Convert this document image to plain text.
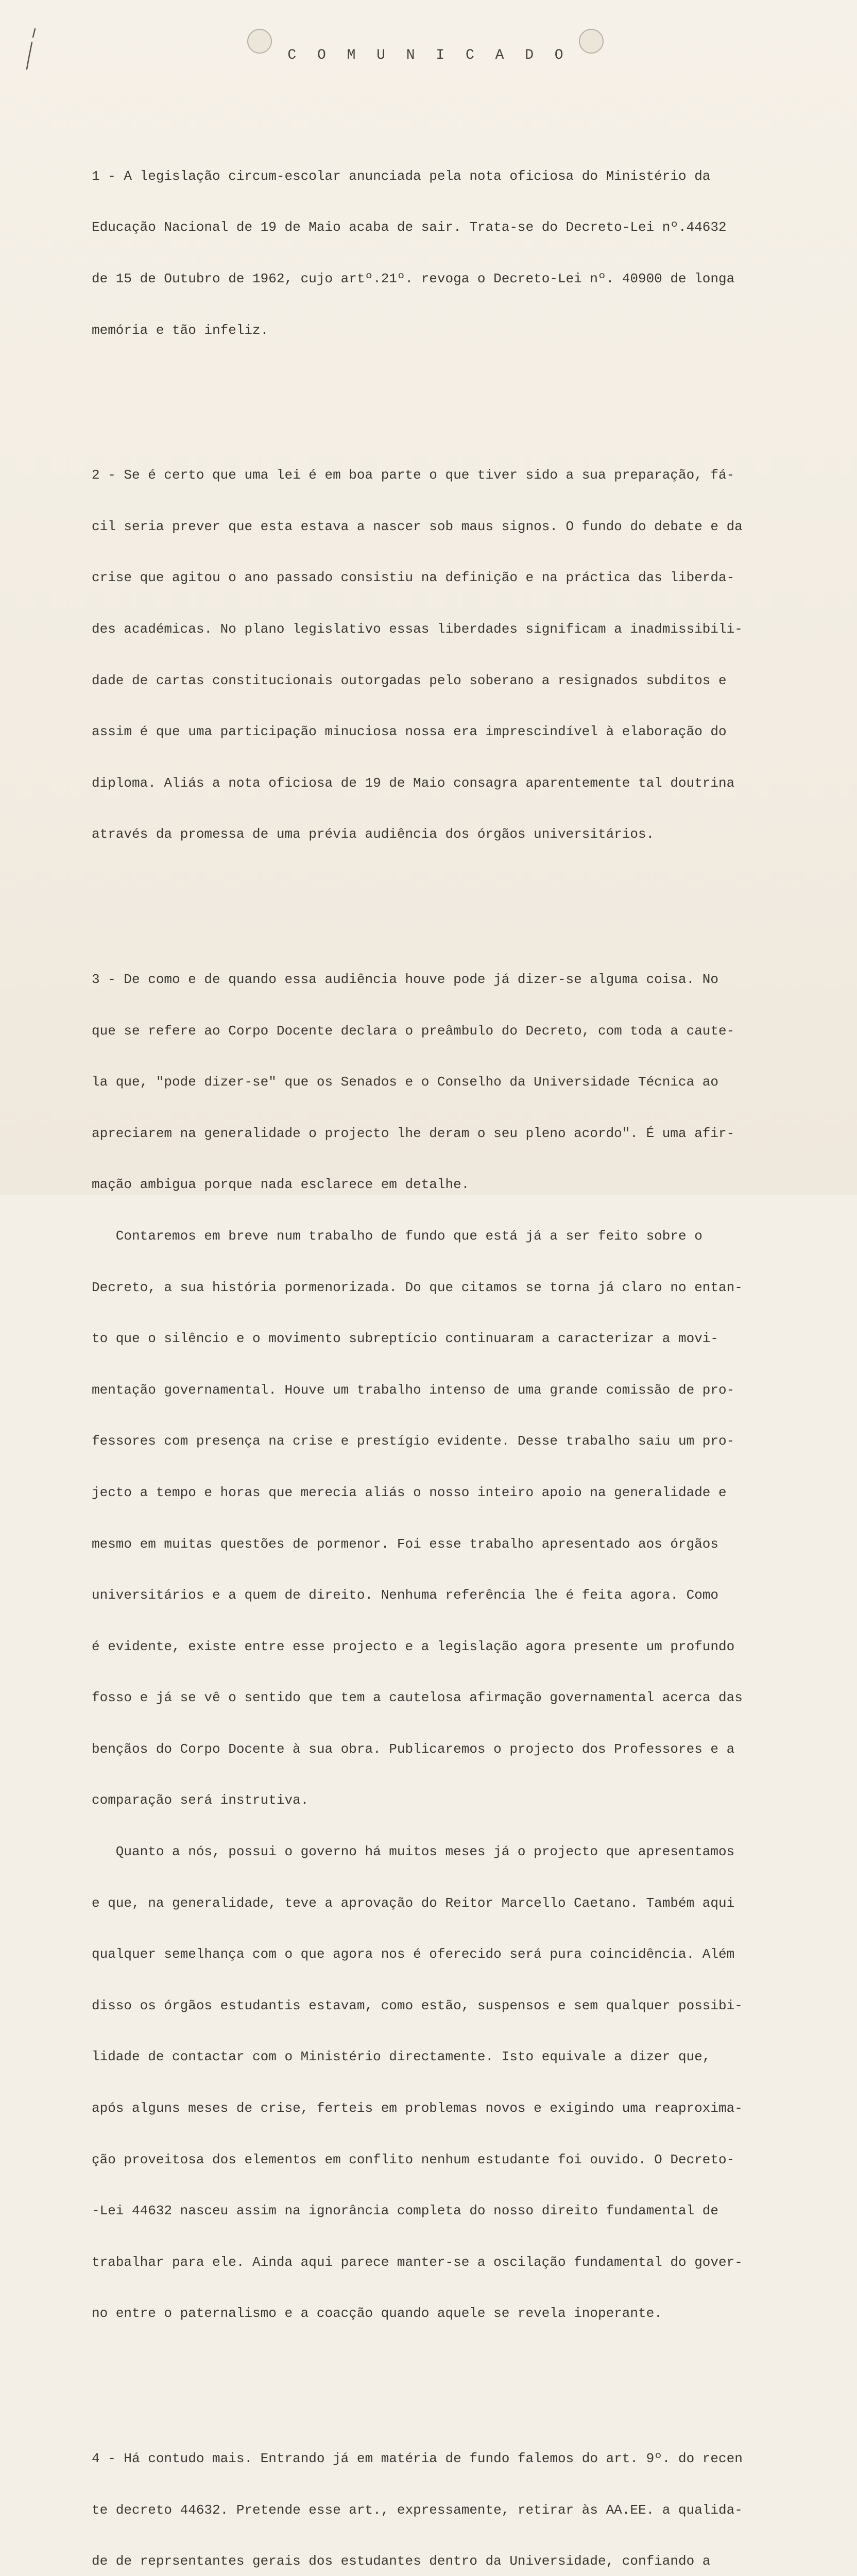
C O M U N I C A D O

1 - A legislação circum-escolar anunciada pela nota oficiosa do Ministério da

Educação Nacional de 19 de Maio acaba de sair. Trata-se do Decreto-Lei nº.44632

de 15 de Outubro de 1962, cujo artº.21º. revoga o Decreto-Lei nº. 40900 de longa

memória e tão infeliz.

2 - Se é certo que uma lei é em boa parte o que tiver sido a sua preparação, fá-

cil seria prever que esta estava a nascer sob maus signos. O fundo do debate e da

crise que agitou o ano passado consistiu na definição e na práctica das liberda-

des académicas. No plano legislativo essas liberdades significam a inadmissibili-

dade de cartas constitucionais outorgadas pelo soberano a resignados subditos e

assim é que uma participação minuciosa nossa era imprescindível à elaboração do

diploma. Aliás a nota oficiosa de 19 de Maio consagra aparentemente tal doutrina

através da promessa de uma prévia audiência dos órgãos universitários.

3 - De como e de quando essa audiência houve pode já dizer-se alguma coisa. No

que se refere ao Corpo Docente declara o preâmbulo do Decreto, com toda a caute-

la que, "pode dizer-se" que os Senados e o Conselho da Universidade Técnica ao

apreciarem na generalidade o projecto lhe deram o seu pleno acordo". É uma afir-

mação ambigua porque nada esclarece em detalhe.

Contaremos em breve num trabalho de fundo que está já a ser feito sobre o

Decreto, a sua história pormenorizada. Do que citamos se torna já claro no entan-

to que o silêncio e o movimento subreptício continuaram a caracterizar a movi-

mentação governamental. Houve um trabalho intenso de uma grande comissão de pro-

fessores com presença na crise e prestígio evidente. Desse trabalho saiu um pro-

jecto a tempo e horas que merecia aliás o nosso inteiro apoio na generalidade e

mesmo em muitas questões de pormenor. Foi esse trabalho apresentado aos órgãos

universitários e a quem de direito. Nenhuma referência lhe é feita agora. Como

é evidente, existe entre esse projecto e a legislação agora presente um profundo

fosso e já se vê o sentido que tem a cautelosa afirmação governamental acerca das

bençãos do Corpo Docente à sua obra. Publicaremos o projecto dos Professores e a

comparação será instrutiva.

Quanto a nós, possui o governo há muitos meses já o projecto que apresentamos

e que, na generalidade, teve a aprovação do Reitor Marcello Caetano. Também aqui

qualquer semelhança com o que agora nos é oferecido será pura coincidência. Além

disso os órgãos estudantis estavam, como estão, suspensos e sem qualquer possibi-

lidade de contactar com o Ministério directamente. Isto equivale a dizer que,

após alguns meses de crise, ferteis em problemas novos e exigindo uma reaproxima-

ção proveitosa dos elementos em conflito nenhum estudante foi ouvido. O Decreto-

-Lei 44632 nasceu assim na ignorância completa do nosso direito fundamental de

trabalhar para ele. Ainda aqui parece manter-se a oscilação fundamental do gover-

no entre o paternalismo e a coacção quando aquele se revela inoperante.

4 - Há contudo mais. Entrando já em matéria de fundo falemos do art. 9º. do recen

te decreto 44632. Pretende esse art., expressamente, retirar às AA.EE. a qualida-

de de reprsentantes gerais dos estudantes dentro da Universidade, confiando a
